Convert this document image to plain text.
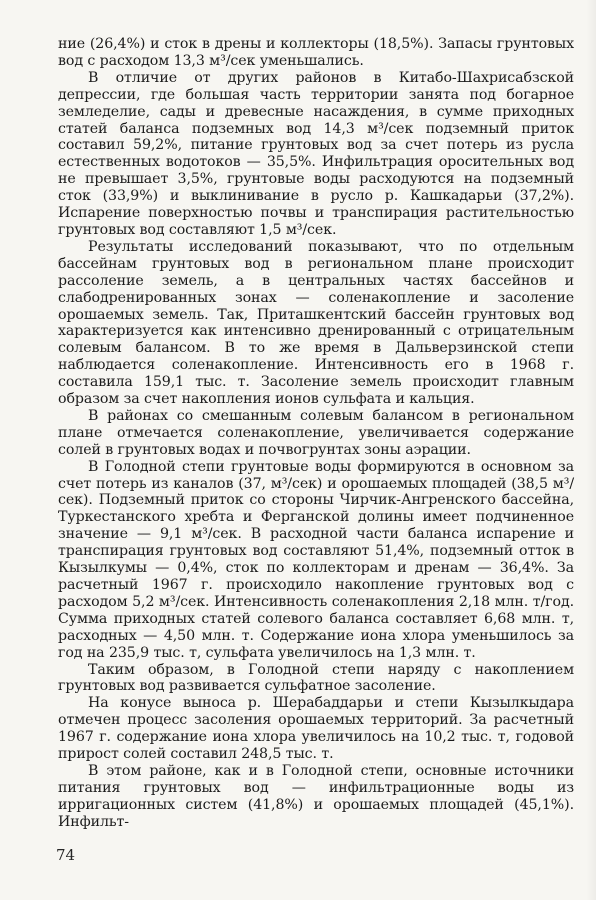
ние (26,4%) и сток в дрены и коллекторы (18,5%). Запасы грунтовых вод с расходом 13,3 м³/сек уменьшались.

В отличие от других районов в Китабо-Шахрисабзской депрессии, где большая часть территории занята под богарное земледелие, сады и древесные насаждения, в сумме приходных статей баланса подземных вод 14,3 м³/сек подземный приток составил 59,2%, питание грунтовых вод за счет потерь из русла естественных водотоков — 35,5%. Инфильтрация оросительных вод не превышает 3,5%, грунтовые воды расходуются на подземный сток (33,9%) и выклинивание в русло р. Кашкадарьи (37,2%). Испарение поверхностью почвы и транспирация растительностью грунтовых вод составляют 1,5 м³/сек.

Результаты исследований показывают, что по отдельным бассейнам грунтовых вод в региональном плане происходит рассоление земель, а в центральных частях бассейнов и слабодренированных зонах — соленакопление и засоление орошаемых земель. Так, Приташкентский бассейн грунтовых вод характеризуется как интенсивно дренированный с отрицательным солевым балансом. В то же время в Дальверзинской степи наблюдается соленакопление. Интенсивность его в 1968 г. составила 159,1 тыс. т. Засоление земель происходит главным образом за счет накопления ионов сульфата и кальция.

В районах со смешанным солевым балансом в региональном плане отмечается соленакопление, увеличивается содержание солей в грунтовых водах и почвогрунтах зоны аэрации.

В Голодной степи грунтовые воды формируются в основном за счет потерь из каналов (37, м³/сек) и орошаемых площадей (38,5 м³/сек). Подземный приток со стороны Чирчик-Ангренского бассейна, Туркестанского хребта и Ферганской долины имеет подчиненное значение — 9,1 м³/сек. В расходной части баланса испарение и транспирация грунтовых вод составляют 51,4%, подземный отток в Кызылкумы — 0,4%, сток по коллекторам и дренам — 36,4%. За расчетный 1967 г. происходило накопление грунтовых вод с расходом 5,2 м³/сек. Интенсивность соленакопления 2,18 млн. т/год. Сумма приходных статей солевого баланса составляет 6,68 млн. т, расходных — 4,50 млн. т. Содержание иона хлора уменьшилось за год на 235,9 тыс. т, сульфата увеличилось на 1,3 млн. т.

Таким образом, в Голодной степи наряду с накоплением грунтовых вод развивается сульфатное засоление.

На конусе выноса р. Шерабаддарьи и степи Кызылкыдара отмечен процесс засоления орошаемых территорий. За расчетный 1967 г. содержание иона хлора увеличилось на 10,2 тыс. т, годовой прирост солей составил 248,5 тыс. т.

В этом районе, как и в Голодной степи, основные источники питания грунтовых вод — инфильтрационные воды из ирригационных систем (41,8%) и орошаемых площадей (45,1%). Инфильт-

74
